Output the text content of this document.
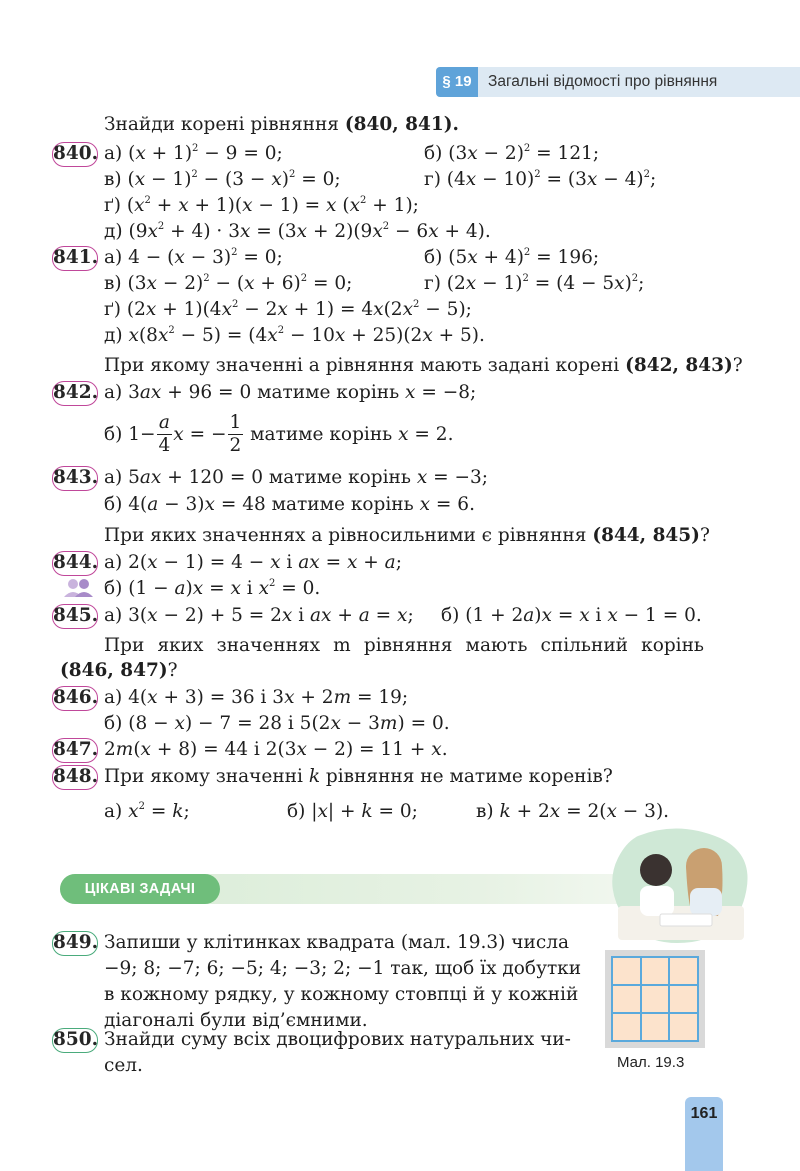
§ 19	Загальні відомості про рівняння
Знайди корені рівняння (840, 841).
840. а) $(x + 1)^2 - 9 = 0$;	б) $(3x - 2)^2 = 121$;
в) $(x - 1)^2 - (3 - x)^2 = 0$;	г) $(4x - 10)^2 = (3x - 4)^2$;
ґ) $(x^2 + x + 1)(x - 1) = x$ $(x^2 + 1)$;
д) $(9x^2 + 4) \cdot 3x = (3x + 2)(9x^2 - 6x + 4)$.
841. а) $4 - (x - 3)^2 = 0$;	б) $(5x + 4)^2 = 196$;
в) $(3x - 2)^2 - (x + 6)^2 = 0$;	г) $(2x - 1)^2 = (4 - 5x)^2$;
ґ) $(2x + 1)(4x^2 - 2x + 1) = 4x(2x^2 - 5)$;
д) $x(8x^2 - 5) = (4x^2 - 10x + 25)(2x + 5)$.
При якому значенні a рівняння мають задані корені (842, 843)?
842. а) 3ax + 96 = 0 матиме корінь x = −8;
б) $1- \frac{a}{4}$ x = − $\frac{1}{2}$ матиме корінь x = 2.
843. а) 5ax + 120 = 0 матиме корінь x = −3;
б) 4(a − 3)x = 48 матиме корінь x = 6.
При яких значеннях a рівносильними є рівняння (844, 845)?
844. а) 2(x − 1) = 4 − x і ax = x + a;
б) (1 − a)x = x і $x^2 = 0$.
845. а) 3(x − 2) + 5 = 2x і ax + a = x; б) (1 + 2a)x = x і x − 1 = 0.
При яких значеннях m рівняння мають спільний корінь
(846, 847)?
846. а) 4(x + 3) = 36 і 3x + 2m = 19;
б) (8 − x) − 7 = 28 і 5(2x − 3m) = 0.
847. 2m(x + 8) = 44 і 2(3x − 2) = 11 + x.
848. При якому значенні k рівняння не матиме коренів?
а) $x^2 = k$;	б) |x| + k = 0;	в) k + 2x = 2(x − 3).
ЦІКАВІ ЗАДАЧІ
849. Запиши у клітинках квадрата (мал. 19.3) числа
−9; 8; −7; 6; −5; 4; −3; 2; −1 так, щоб їх добутки
в кожному рядку, у кожному стовпці й у кожній
діагоналі були від’ємними.
850. Знайди суму всіх двоцифрових натуральних чи-
сел.	Мал. 19.3
161
